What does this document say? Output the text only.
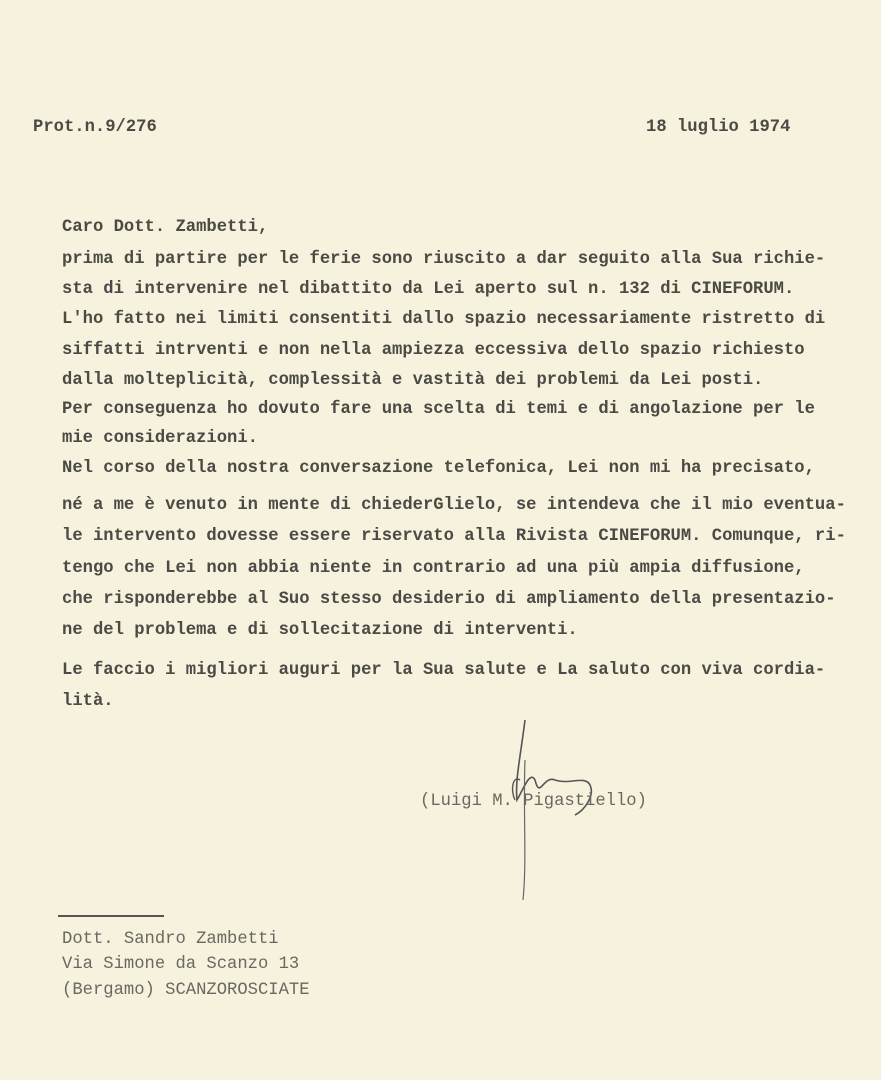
Prot.n.9/276	18 luglio 1974
Caro Dott. Zambetti,
prima di partire per le ferie sono riuscito a dar seguito alla Sua richie-
sta di intervenire nel dibattito da Lei aperto sul n. 132 di CINEFORUM.
L'ho fatto nei limiti consentiti dallo spazio necessariamente ristretto di
siffatti intrventi e non nella ampiezza eccessiva dello spazio richiesto
dalla molteplicità, complessità e vastità dei problemi da Lei posti.
Per conseguenza ho dovuto fare una scelta di temi e di angolazione per le
mie considerazioni.
Nel corso della nostra conversazione telefonica, Lei non mi ha precisato,
né a me è venuto in mente di chiederGlielo, se intendeva che il mio eventua-
le intervento dovesse essere riservato alla Rivista CINEFORUM. Comunque, ri-
tengo che Lei non abbia niente in contrario ad una più ampia diffusione,
che risponderebbe al Suo stesso desiderio di ampliamento della presentazio-
ne del problema e di sollecitazione di interventi.
Le faccio i migliori auguri per la Sua salute e La saluto con viva cordia-
lità.
(Luigi M. Pigastiello)
Dott. Sandro Zambetti
Via Simone da Scanzo 13
(Bergamo) SCANZOROSCIATE
